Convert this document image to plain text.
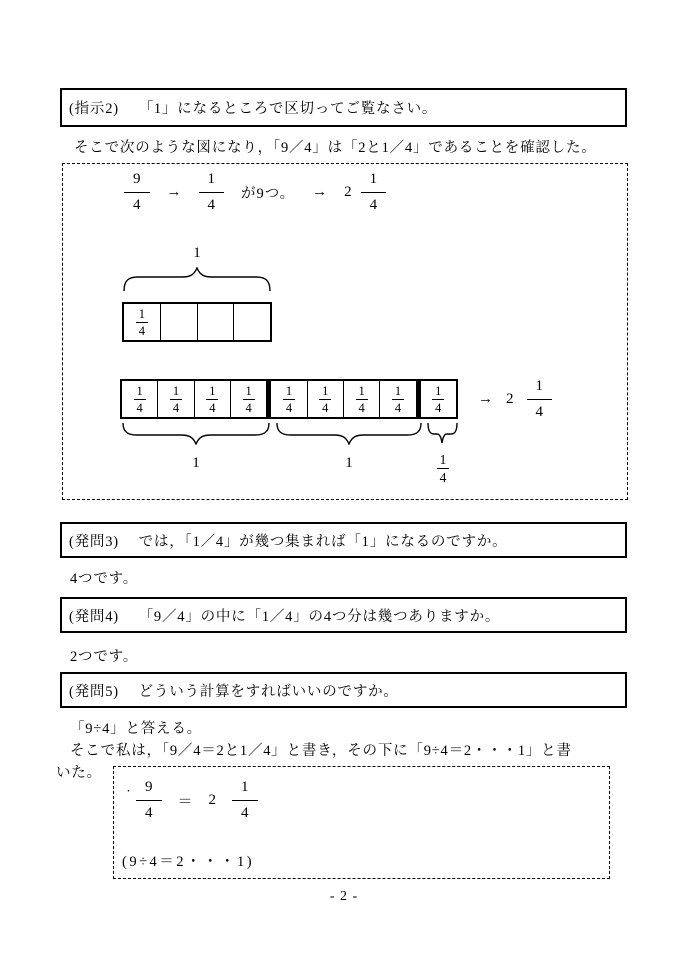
(指示2)　 「1」になるところで区切ってご覧なさい。
そこで次のような図になり，「9／4」は「2と1／4」であることを確認した。
$\frac{9}{4} \to \frac{1}{4}$ が9つ。 → $2 \frac{1}{4}$
1
$\frac{1}{4}$
$\frac{1}{4} \frac{1}{4} \frac{1}{4} \frac{1}{4} \frac{1}{4} \frac{1}{4} \frac{1}{4} \frac{1}{4} \frac{1}{4} \to 2 \frac{1}{4}$
1	1	$\frac{1}{4}$
(発問3)　 では，「1／4」が幾つ集まれば「1」になるのですか。
4つです。
(発問4)　 「9／4」の中に「1／4」の4つ分は幾つありますか。
2つです。
(発問5)　 どういう計算をすればいいのですか。
「9÷4」と答える。
そこで私は，「9／4＝2と1／4」と書き，その下に「9÷4＝2・・・1」と書
いた。
・ $\frac{9}{4} = 2 \frac{1}{4}$
(9÷4＝2・・・1)
- 2 -
